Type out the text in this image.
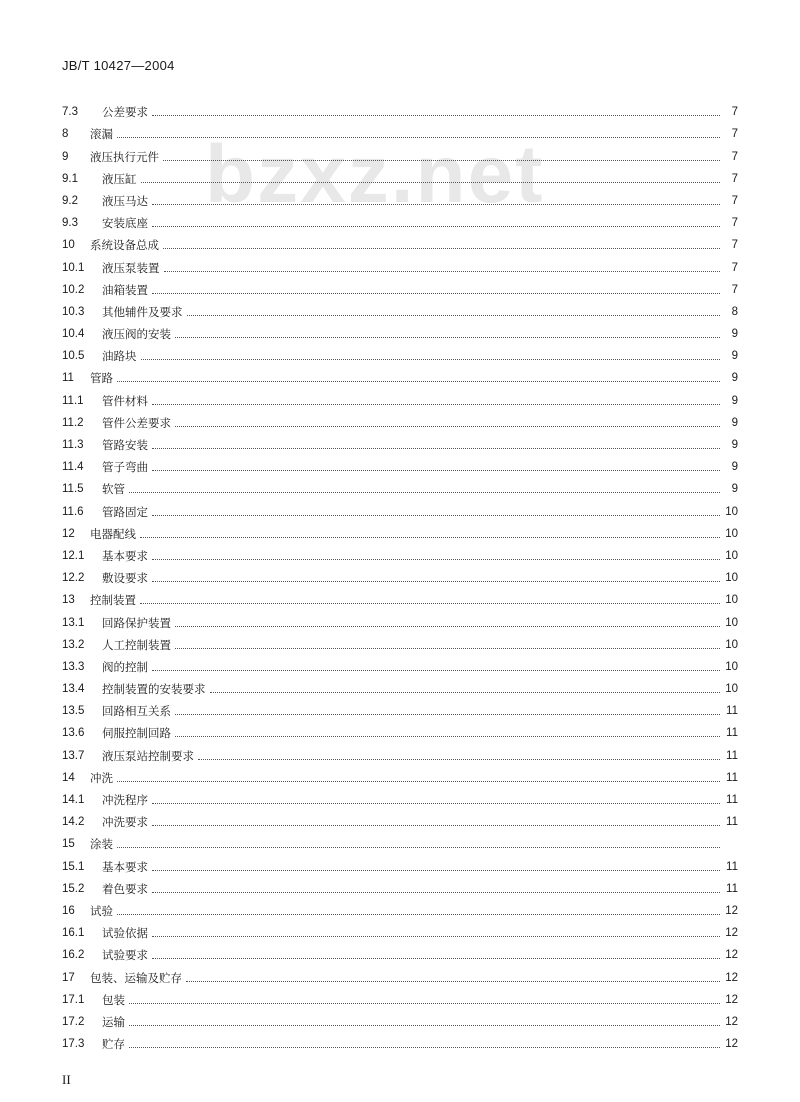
JB/T 10427—2004
bzxz.net
7.3	公差要求	7
8	滚漏	7
9	液压执行元件	7
9.1	液压缸	7
9.2	液压马达	7
9.3	安装底座	7
10	系统设备总成	7
10.1	液压泵装置	7
10.2	油箱装置	7
10.3	其他辅件及要求	8
10.4	液压阀的安装	9
10.5	油路块	9
11	管路	9
11.1	管件材料	9
11.2	管件公差要求	9
11.3	管路安装	9
11.4	管子弯曲	9
11.5	软管	9
11.6	管路固定	10
12	电器配线	10
12.1	基本要求	10
12.2	敷设要求	10
13	控制装置	10
13.1	回路保护装置	10
13.2	人工控制装置	10
13.3	阀的控制	10
13.4	控制装置的安装要求	10
13.5	回路相互关系	11
13.6	伺服控制回路	11
13.7	液压泵站控制要求	11
14	冲洗	11
14.1	冲洗程序	11
14.2	冲洗要求	11
15	涂装
15.1	基本要求	11
15.2	着色要求	11
16	试验	12
16.1	试验依据	12
16.2	试验要求	12
17	包装、运输及贮存	12
17.1	包装	12
17.2	运输	12
17.3	贮存	12
II
